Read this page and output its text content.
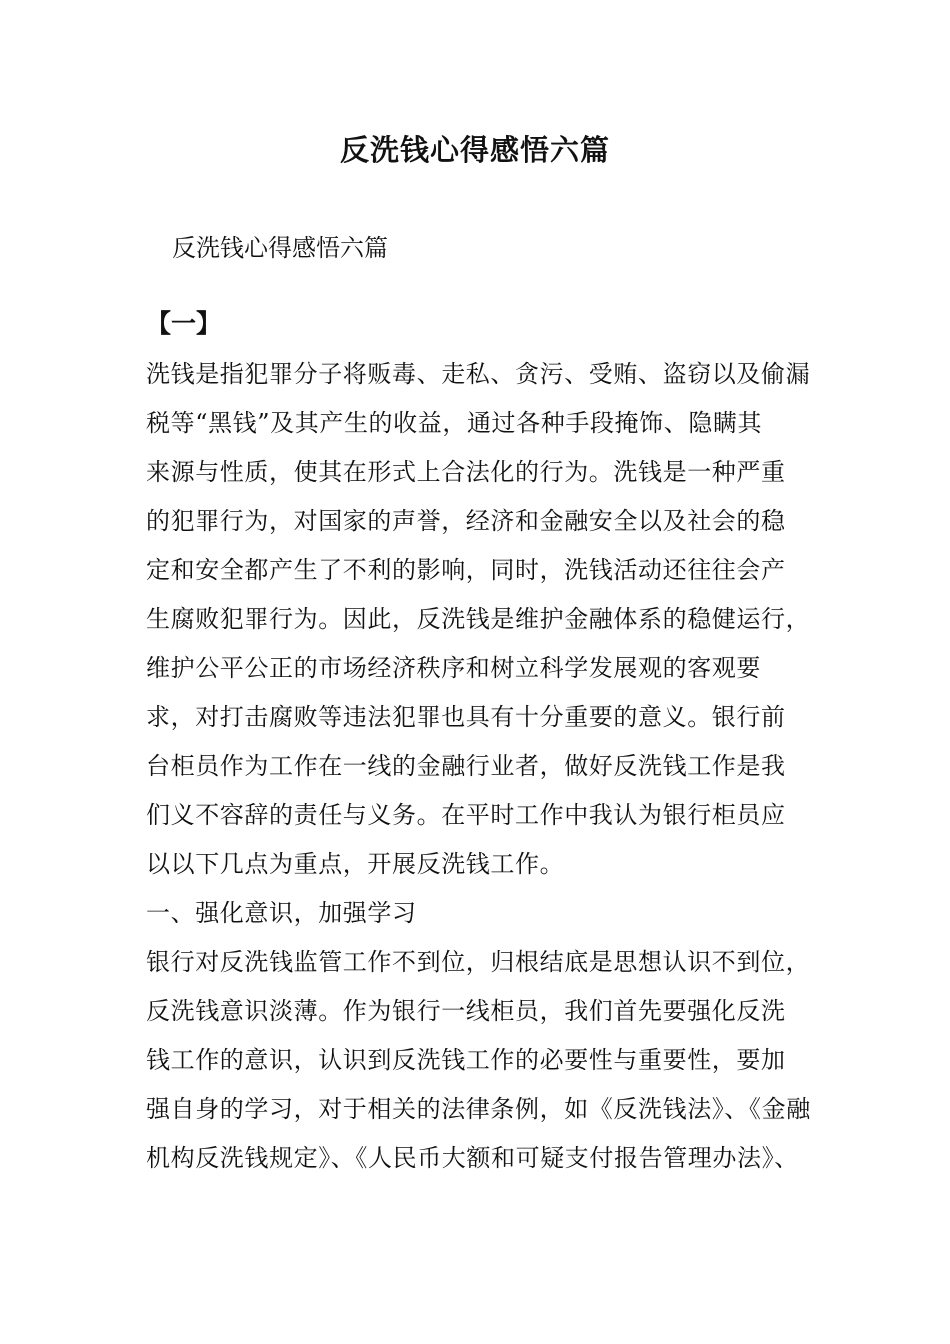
反洗钱心得感悟六篇
反洗钱心得感悟六篇
【一】
洗钱是指犯罪分子将贩毒、走私、贪污、受贿、盗窃以及偷漏
税等“黑钱”及其产生的收益，通过各种手段掩饰、隐瞒其
来源与性质，使其在形式上合法化的行为。洗钱是一种严重
的犯罪行为，对国家的声誉，经济和金融安全以及社会的稳
定和安全都产生了不利的影响，同时，洗钱活动还往往会产
生腐败犯罪行为。因此，反洗钱是维护金融体系的稳健运行，
维护公平公正的市场经济秩序和树立科学发展观的客观要
求，对打击腐败等违法犯罪也具有十分重要的意义。银行前
台柜员作为工作在一线的金融行业者，做好反洗钱工作是我
们义不容辞的责任与义务。在平时工作中我认为银行柜员应
以以下几点为重点，开展反洗钱工作。
一、强化意识，加强学习
银行对反洗钱监管工作不到位，归根结底是思想认识不到位，
反洗钱意识淡薄。作为银行一线柜员，我们首先要强化反洗
钱工作的意识，认识到反洗钱工作的必要性与重要性，要加
强自身的学习，对于相关的法律条例，如《反洗钱法》、《金融
机构反洗钱规定》、《人民币大额和可疑支付报告管理办法》、
